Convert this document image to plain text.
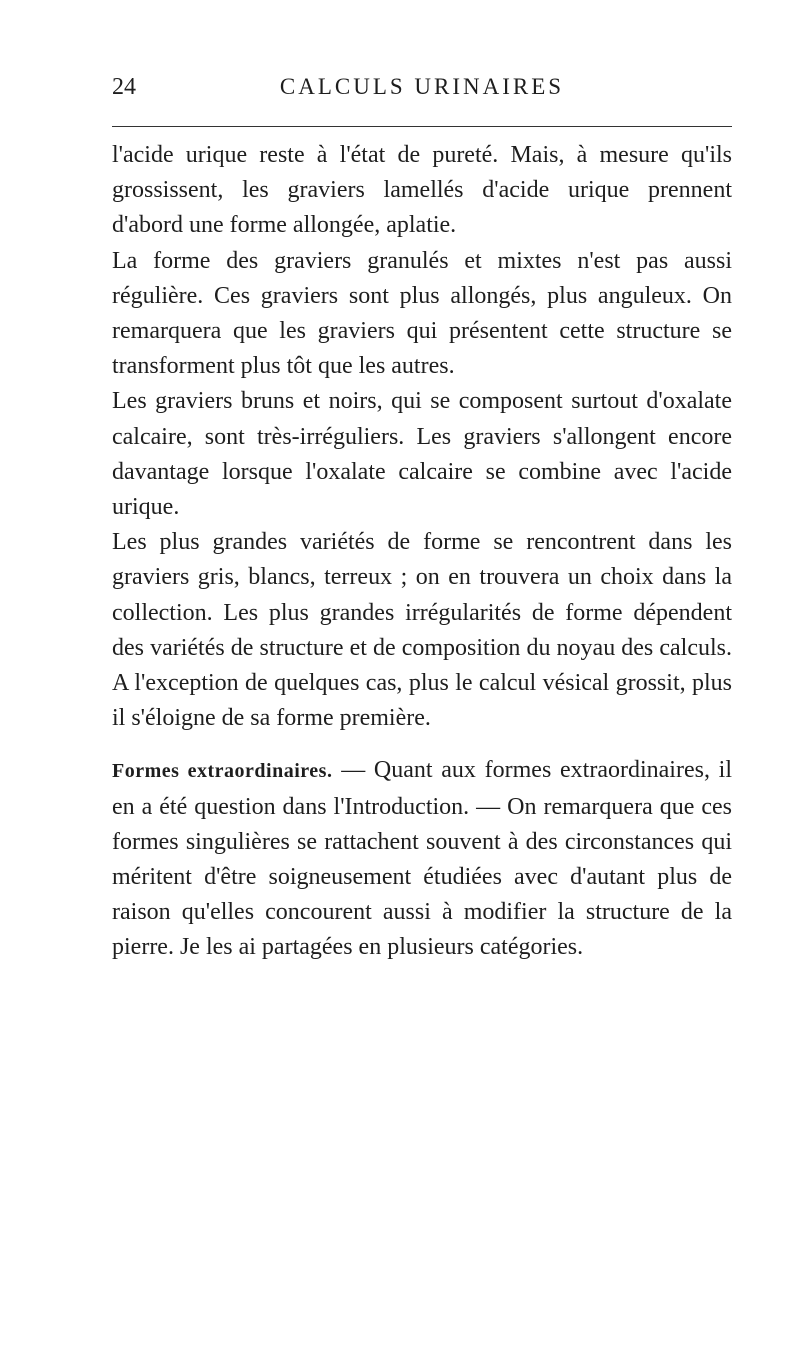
24	CALCULS URINAIRES

l'acide urique reste à l'état de pureté. Mais, à mesure qu'ils grossissent, les graviers lamellés d'acide urique prennent d'abord une forme allongée, aplatie.

La forme des graviers granulés et mixtes n'est pas aussi régulière. Ces graviers sont plus allongés, plus anguleux. On remarquera que les graviers qui présentent cette structure se transforment plus tôt que les autres.

Les graviers bruns et noirs, qui se composent surtout d'oxalate calcaire, sont très-irréguliers. Les graviers s'allongent encore davantage lorsque l'oxalate calcaire se combine avec l'acide urique.

Les plus grandes variétés de forme se rencontrent dans les graviers gris, blancs, terreux ; on en trouvera un choix dans la collection. Les plus grandes irrégularités de forme dépendent des variétés de structure et de composition du noyau des calculs. A l'exception de quelques cas, plus le calcul vésical grossit, plus il s'éloigne de sa forme première.

Formes extraordinaires. — Quant aux formes extraordinaires, il en a été question dans l'Introduction. — On remarquera que ces formes singulières se rattachent souvent à des circonstances qui méritent d'être soigneusement étudiées avec d'autant plus de raison qu'elles concourent aussi à modifier la structure de la pierre. Je les ai partagées en plusieurs catégories.
